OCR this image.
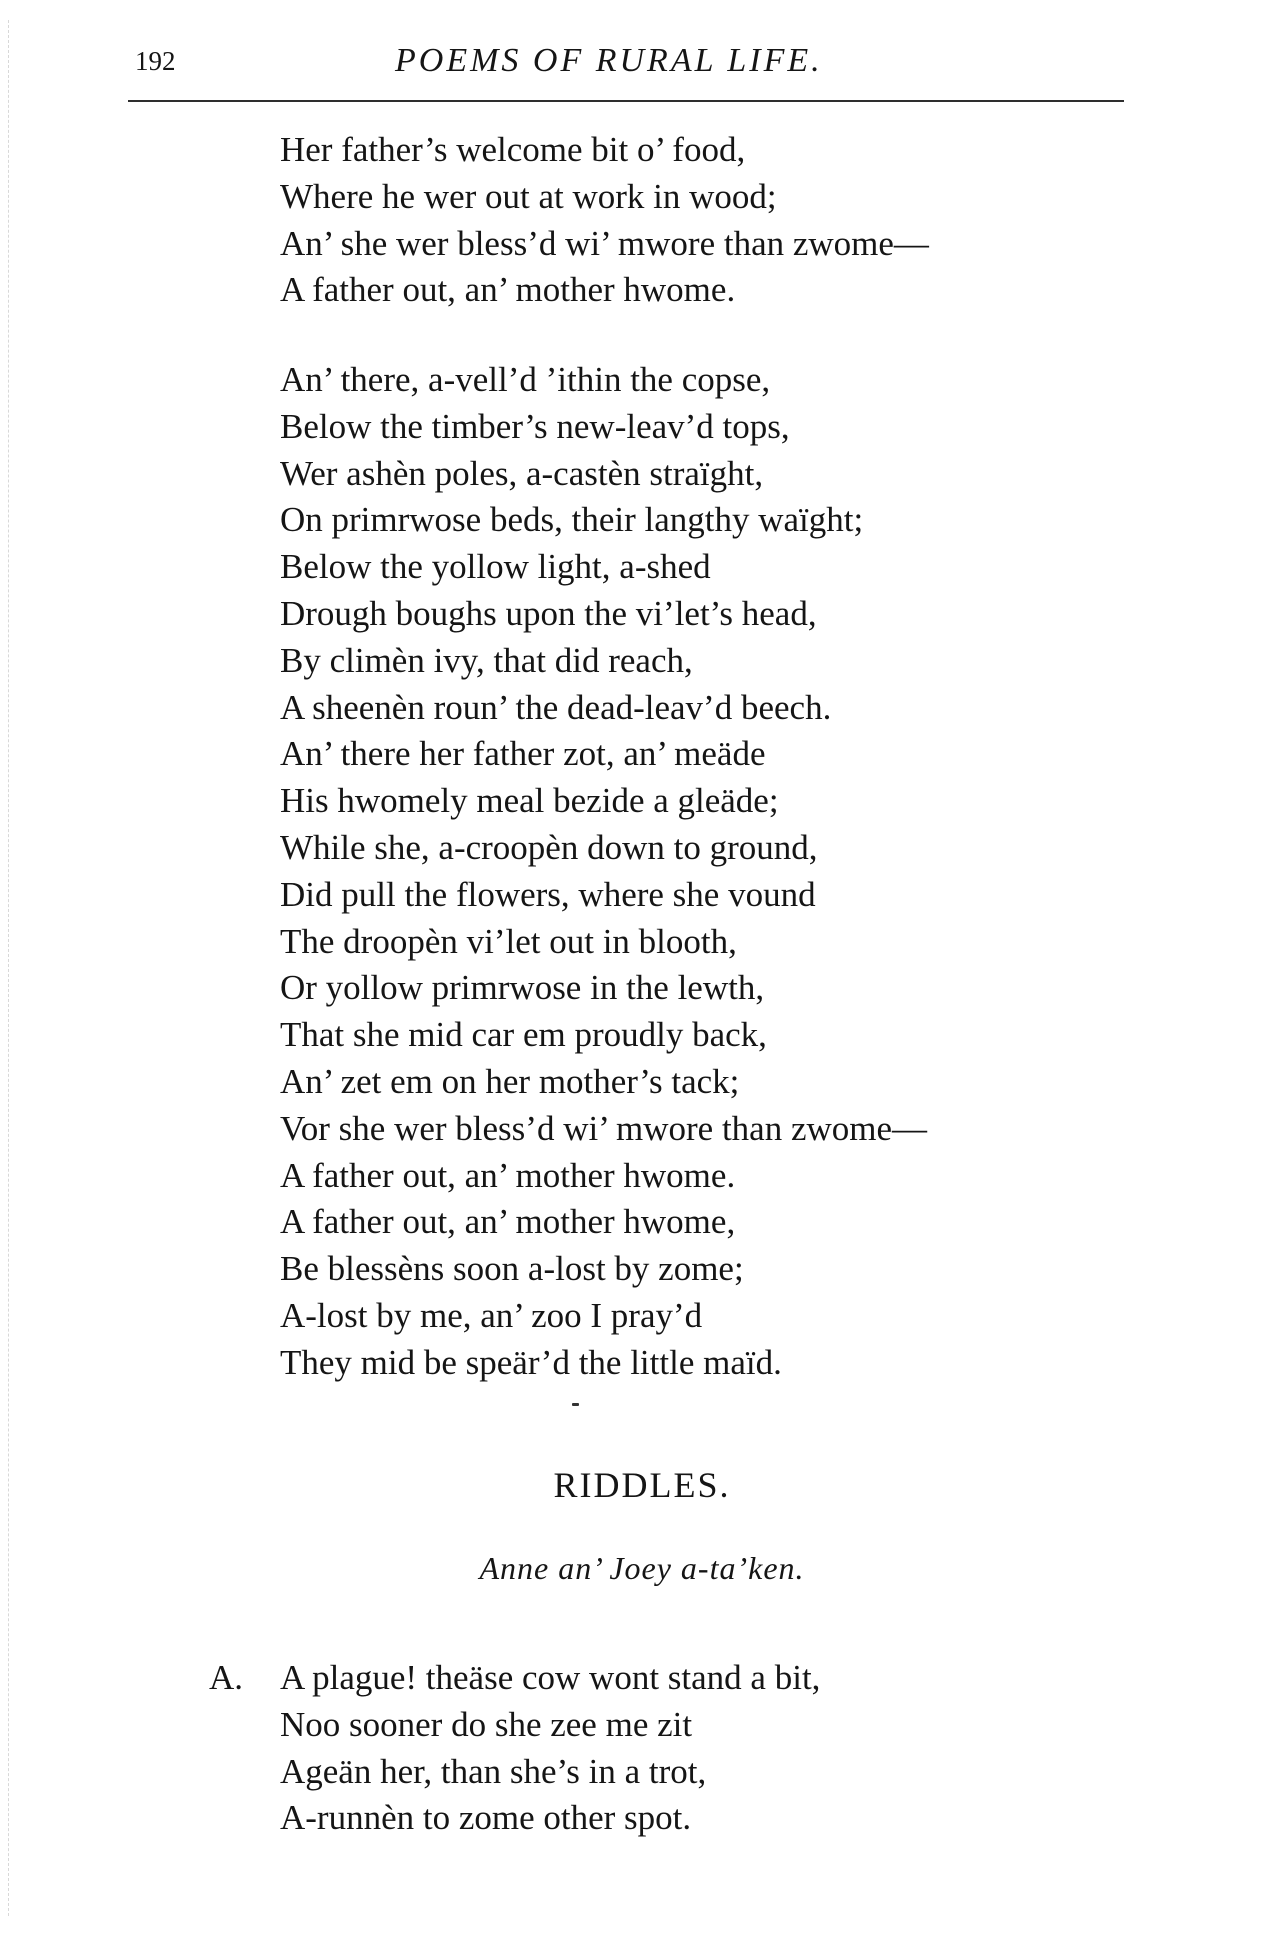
192	POEMS OF RURAL LIFE.
Her father’s welcome bit o’ food,
Where he wer out at work in wood;
An’ she wer bless’d wi’ mwore than zwome—
A father out, an’ mother hwome.
An’ there, a-vell’d ’ithin the copse,
Below the timber’s new-leav’d tops,
Wer ashèn poles, a-castèn straïght,
On primrwose beds, their langthy waïght;
Below the yollow light, a-shed
Drough boughs upon the vi’let’s head,
By climèn ivy, that did reach,
A sheenèn roun’ the dead-leav’d beech.
An’ there her father zot, an’ meäde
His hwomely meal bezide a gleäde;
While she, a-croopèn down to ground,
Did pull the flowers, where she vound
The droopèn vi’let out in blooth,
Or yollow primrwose in the lewth,
That she mid car em proudly back,
An’ zet em on her mother’s tack;
Vor she wer bless’d wi’ mwore than zwome—
A father out, an’ mother hwome.
A father out, an’ mother hwome,
Be blessèns soon a-lost by zome;
A-lost by me, an’ zoo I pray’d
They mid be speär’d the little maïd.
RIDDLES.
Anne an’ Joey a-ta’ken.
A. A plague! theäse cow wont stand a bit,
Noo sooner do she zee me zit
Ageän her, than she’s in a trot,
A-runnèn to zome other spot.
